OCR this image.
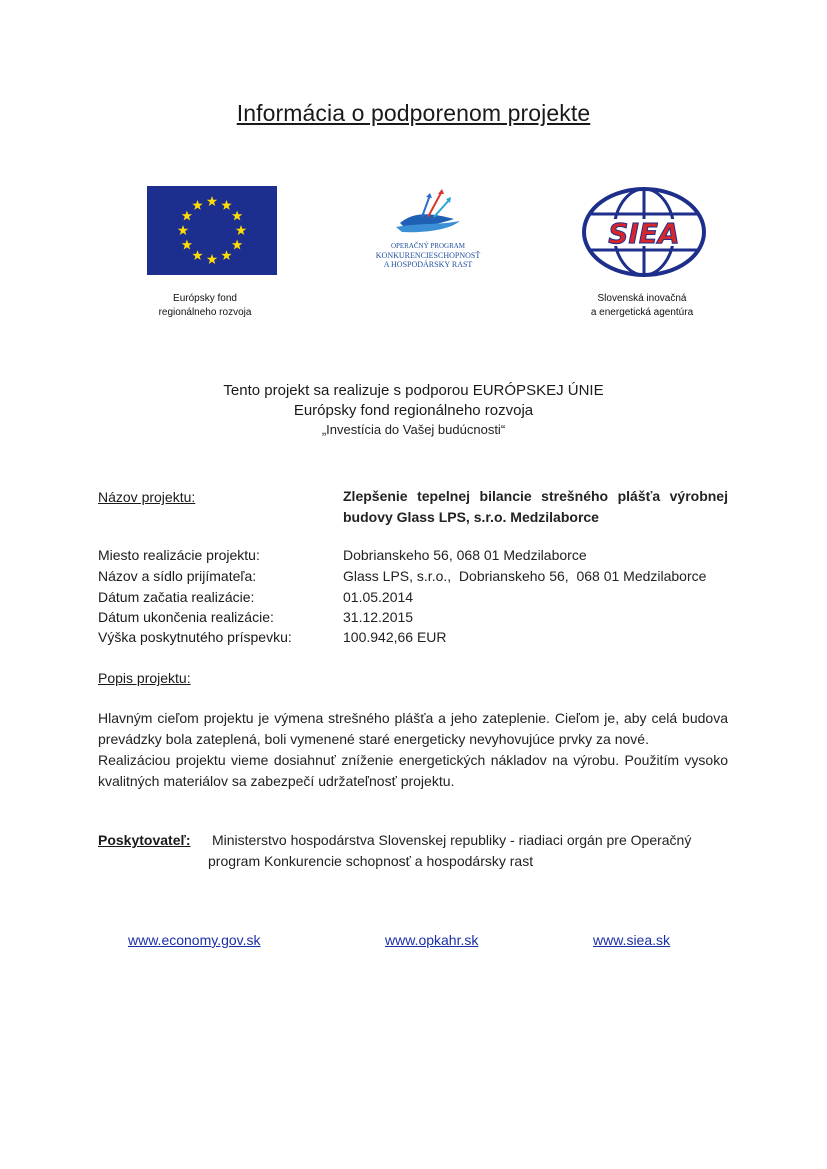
Informácia o podporenom projekte
OPERAČNÝ PROGRAM
KONKURENCIESCHOPNOSŤ
A HOSPODÁRSKY RAST
SIEA
Európsky fond
regionálneho rozvoja
Slovenská inovačná
a energetická agentúra
Tento projekt sa realizuje s podporou EURÓPSKEJ ÚNIE
Európsky fond regionálneho rozvoja
„Investícia do Vašej budúcnosti“
Názov projektu:	Zlepšenie tepelnej bilancie strešného plášťa výrobnej budovy Glass LPS, s.r.o. Medzilaborce
Miesto realizácie projektu:	Dobrianskeho 56, 068 01 Medzilaborce
Názov a sídlo prijímateľa:	Glass LPS, s.r.o.,  Dobrianskeho 56,  068 01 Medzilaborce
Dátum začatia realizácie:	01.05.2014
Dátum ukončenia realizácie:	31.12.2015
Výška poskytnutého príspevku:	100.942,66 EUR
Popis projektu:

Hlavným cieľom projektu je výmena strešného plášťa a jeho zateplenie. Cieľom je, aby celá budova prevádzky bola zateplená, boli vymenené staré energeticky nevyhovujúce prvky za nové.

Realizáciou projektu vieme dosiahnuť zníženie energetických nákladov na výrobu. Použitím vysoko kvalitných materiálov sa zabezpečí udržateľnosť projektu.

Poskytovateľ: Ministerstvo hospodárstva Slovenskej republiky - riadiaci orgán pre Operačný program Konkurencie schopnosť a hospodársky rast
www.economy.gov.sk	www.opkahr.sk	www.siea.sk
